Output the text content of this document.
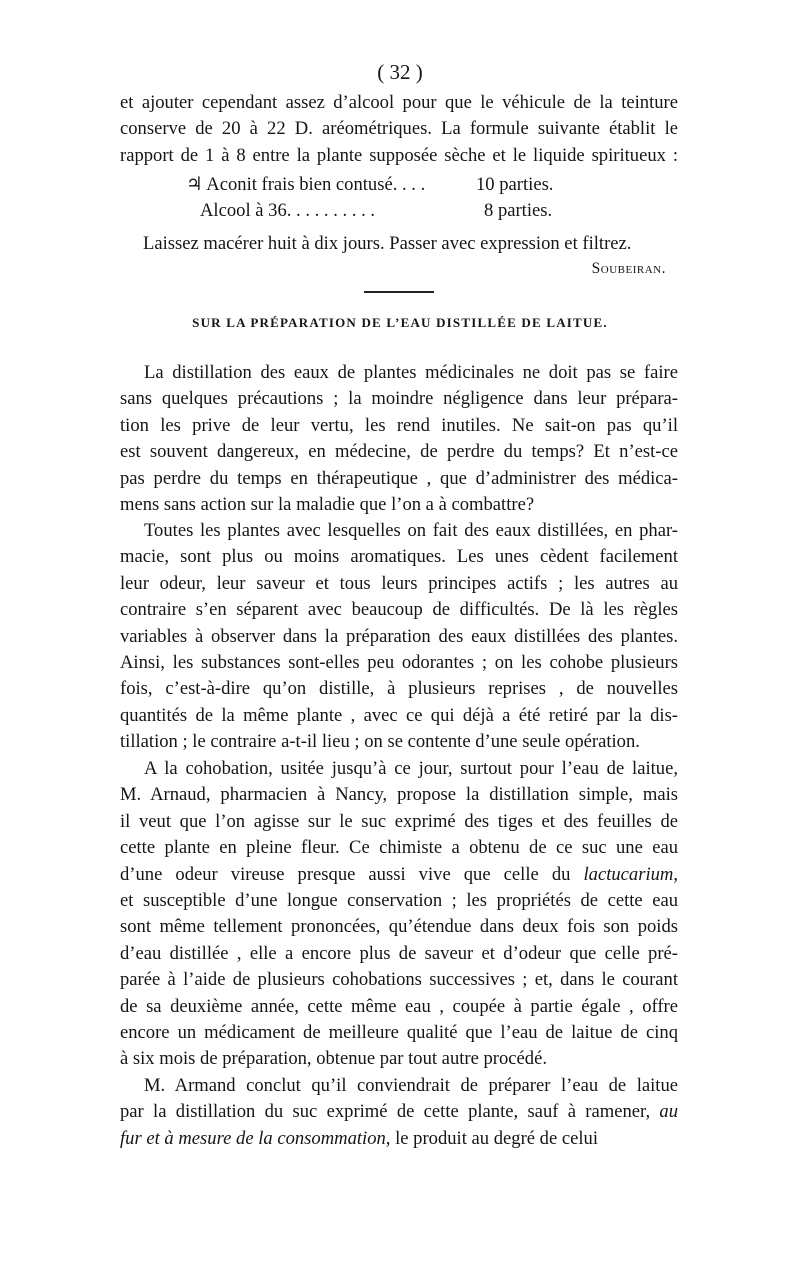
( 32 )
et ajouter cependant assez d’alcool pour que le véhicule de la teinture
conserve de 20 à 22 D. aréométriques. La formule suivante établit le
rapport de 1 à 8 entre la plante supposée sèche et le liquide spiritueux :
♃ Aconit frais bien contusé. . . .	10 parties.
Alcool à 36. . . . . . . . . .	8 parties.
Laissez macérer huit à dix jours. Passer avec expression et filtrez.
Soubeiran.
SUR LA PRÉPARATION DE L’EAU DISTILLÉE DE LAITUE.
La distillation des eaux de plantes médicinales ne doit pas se faire
sans quelques précautions ; la moindre négligence dans leur prépara-
tion les prive de leur vertu, les rend inutiles. Ne sait-on pas qu’il
est souvent dangereux, en médecine, de perdre du temps? Et n’est-ce
pas perdre du temps en thérapeutique , que d’administrer des médica-
mens sans action sur la maladie que l’on a à combattre?
Toutes les plantes avec lesquelles on fait des eaux distillées, en phar-
macie, sont plus ou moins aromatiques. Les unes cèdent facilement
leur odeur, leur saveur et tous leurs principes actifs ; les autres au
contraire s’en séparent avec beaucoup de difficultés. De là les règles
variables à observer dans la préparation des eaux distillées des plantes.
Ainsi, les substances sont-elles peu odorantes ; on les cohobe plusieurs
fois, c’est-à-dire qu’on distille, à plusieurs reprises , de nouvelles
quantités de la même plante , avec ce qui déjà a été retiré par la dis-
tillation ; le contraire a-t-il lieu ; on se contente d’une seule opération.
A la cohobation, usitée jusqu’à ce jour, surtout pour l’eau de laitue,
M. Arnaud, pharmacien à Nancy, propose la distillation simple, mais
il veut que l’on agisse sur le suc exprimé des tiges et des feuilles de
cette plante en pleine fleur. Ce chimiste a obtenu de ce suc une eau
d’une odeur vireuse presque aussi vive que celle du lactucarium,
et susceptible d’une longue conservation ; les propriétés de cette eau
sont même tellement prononcées, qu’étendue dans deux fois son poids
d’eau distillée , elle a encore plus de saveur et d’odeur que celle pré-
parée à l’aide de plusieurs cohobations successives ; et, dans le courant
de sa deuxième année, cette même eau , coupée à partie égale , offre
encore un médicament de meilleure qualité que l’eau de laitue de cinq
à six mois de préparation, obtenue par tout autre procédé.
M. Armand conclut qu’il conviendrait de préparer l’eau de laitue
par la distillation du suc exprimé de cette plante, sauf à ramener, au
fur et à mesure de la consommation, le produit au degré de celui
